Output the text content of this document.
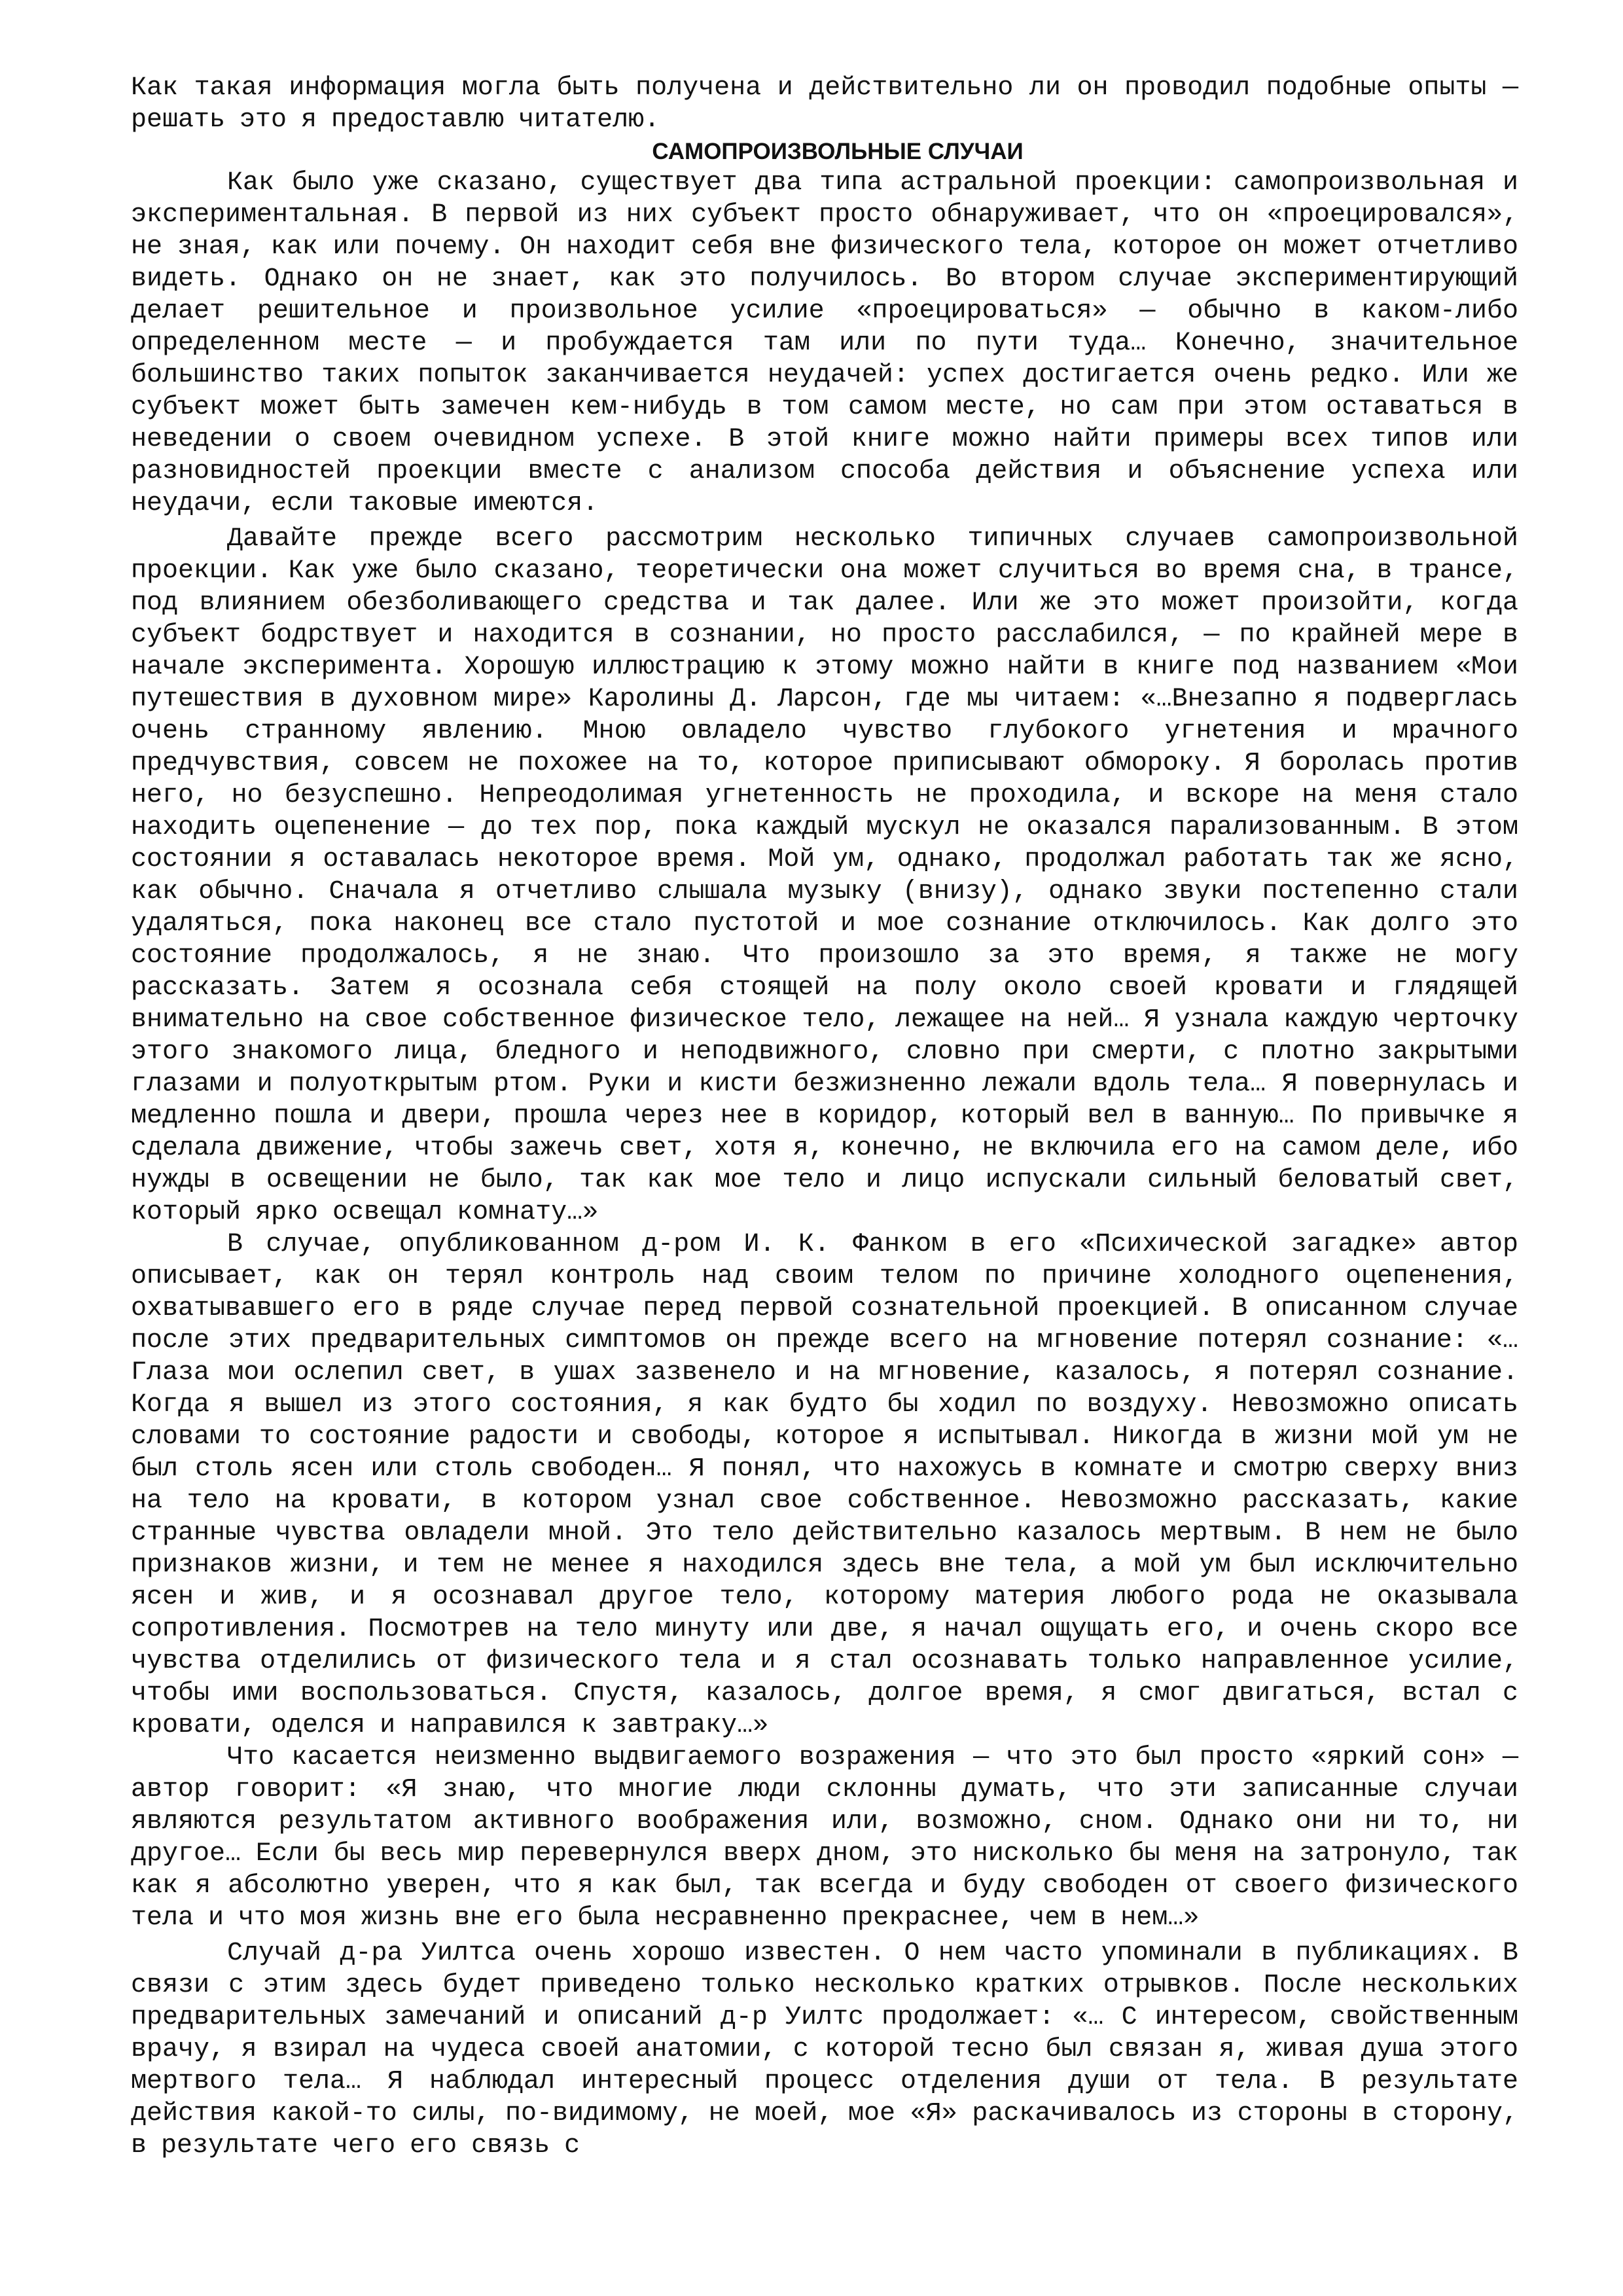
Как такая информация могла быть получена и действительно ли он проводил подобные опыты — решать это я предоставлю читателю.

САМОПРОИЗВОЛЬНЫЕ СЛУЧАИ

Как было уже сказано, существует два типа астральной проекции: самопроизвольная и экспериментальная. В первой из них субъект просто обнаруживает, что он «проецировался», не зная, как или почему. Он находит себя вне физического тела, которое он может отчетливо видеть. Однако он не знает, как это получилось. Во втором случае экспериментирующий делает решительное и произвольное усилие «проецироваться» — обычно в каком-либо определенном месте — и пробуждается там или по пути туда… Конечно, значительное большинство таких попыток заканчивается неудачей: успех достигается очень редко. Или же субъект может быть замечен кем-нибудь в том самом месте, но сам при этом оставаться в неведении о своем очевидном успехе. В этой книге можно найти примеры всех типов или разновидностей проекции вместе с анализом способа действия и объяснение успеха или неудачи, если таковые имеются.

Давайте прежде всего рассмотрим несколько типичных случаев самопроизвольной проекции. Как уже было сказано, теоретически она может случиться во время сна, в трансе, под влиянием обезболивающего средства и так далее. Или же это может произойти, когда субъект бодрствует и находится в сознании, но просто расслабился, — по крайней мере в начале эксперимента. Хорошую иллюстрацию к этому можно найти в книге под названием «Мои путешествия в духовном мире» Каролины Д. Ларсон, где мы читаем: «…Внезапно я подверглась очень странному явлению. Мною овладело чувство глубокого угнетения и мрачного предчувствия, совсем не похожее на то, которое приписывают обмороку. Я боролась против него, но безуспешно. Непреодолимая угнетенность не проходила, и вскоре на меня стало находить оцепенение — до тех пор, пока каждый мускул не оказался парализованным. В этом состоянии я оставалась некоторое время. Мой ум, однако, продолжал работать так же ясно, как обычно. Сначала я отчетливо слышала музыку (внизу), однако звуки постепенно стали удаляться, пока наконец все стало пустотой и мое сознание отключилось. Как долго это состояние продолжалось, я не знаю. Что произошло за это время, я также не могу рассказать. Затем я осознала себя стоящей на полу около своей кровати и глядящей внимательно на свое собственное физическое тело, лежащее на ней… Я узнала каждую черточку этого знакомого лица, бледного и неподвижного, словно при смерти, с плотно закрытыми глазами и полуоткрытым ртом. Руки и кисти безжизненно лежали вдоль тела… Я повернулась и медленно пошла и двери, прошла через нее в коридор, который вел в ванную… По привычке я сделала движение, чтобы зажечь свет, хотя я, конечно, не включила его на самом деле, ибо нужды в освещении не было, так как мое тело и лицо испускали сильный беловатый свет, который ярко освещал комнату…»

В случае, опубликованном д-ром И. К. Фанком в его «Психической загадке» автор описывает, как он терял контроль над своим телом по причине холодного оцепенения, охватывавшего его в ряде случае перед первой сознательной проекцией. В описанном случае после этих предварительных симптомов он прежде всего на мгновение потерял сознание: «…Глаза мои ослепил свет, в ушах зазвенело и на мгновение, казалось, я потерял сознание. Когда я вышел из этого состояния, я как будто бы ходил по воздуху. Невозможно описать словами то состояние радости и свободы, которое я испытывал. Никогда в жизни мой ум не был столь ясен или столь свободен… Я понял, что нахожусь в комнате и смотрю сверху вниз на тело на кровати, в котором узнал свое собственное. Невозможно рассказать, какие странные чувства овладели мной. Это тело действительно казалось мертвым. В нем не было признаков жизни, и тем не менее я находился здесь вне тела, а мой ум был исключительно ясен и жив, и я осознавал другое тело, которому материя любого рода не оказывала сопротивления. Посмотрев на тело минуту или две, я начал ощущать его, и очень скоро все чувства отделились от физического тела и я стал осознавать только направленное усилие, чтобы ими воспользоваться. Спустя, казалось, долгое время, я смог двигаться, встал с кровати, оделся и направился к завтраку…»

Что касается неизменно выдвигаемого возражения — что это был просто «яркий сон» — автор говорит: «Я знаю, что многие люди склонны думать, что эти записанные случаи являются результатом активного воображения или, возможно, сном. Однако они ни то, ни другое… Если бы весь мир перевернулся вверх дном, это нисколько бы меня на затронуло, так как я абсолютно уверен, что я как был, так всегда и буду свободен от своего физического тела и что моя жизнь вне его была несравненно прекраснее, чем в нем…»

Случай д-ра Уилтса очень хорошо известен. О нем часто упоминали в публикациях. В связи с этим здесь будет приведено только несколько кратких отрывков. После нескольких предварительных замечаний и описаний д-р Уилтс продолжает: «… С интересом, свойственным врачу, я взирал на чудеса своей анатомии, с которой тесно был связан я, живая душа этого мертвого тела… Я наблюдал интересный процесс отделения души от тела. В результате действия какой-то силы, по-видимому, не моей, мое «Я» раскачивалось из стороны в сторону, в результате чего его связь с
